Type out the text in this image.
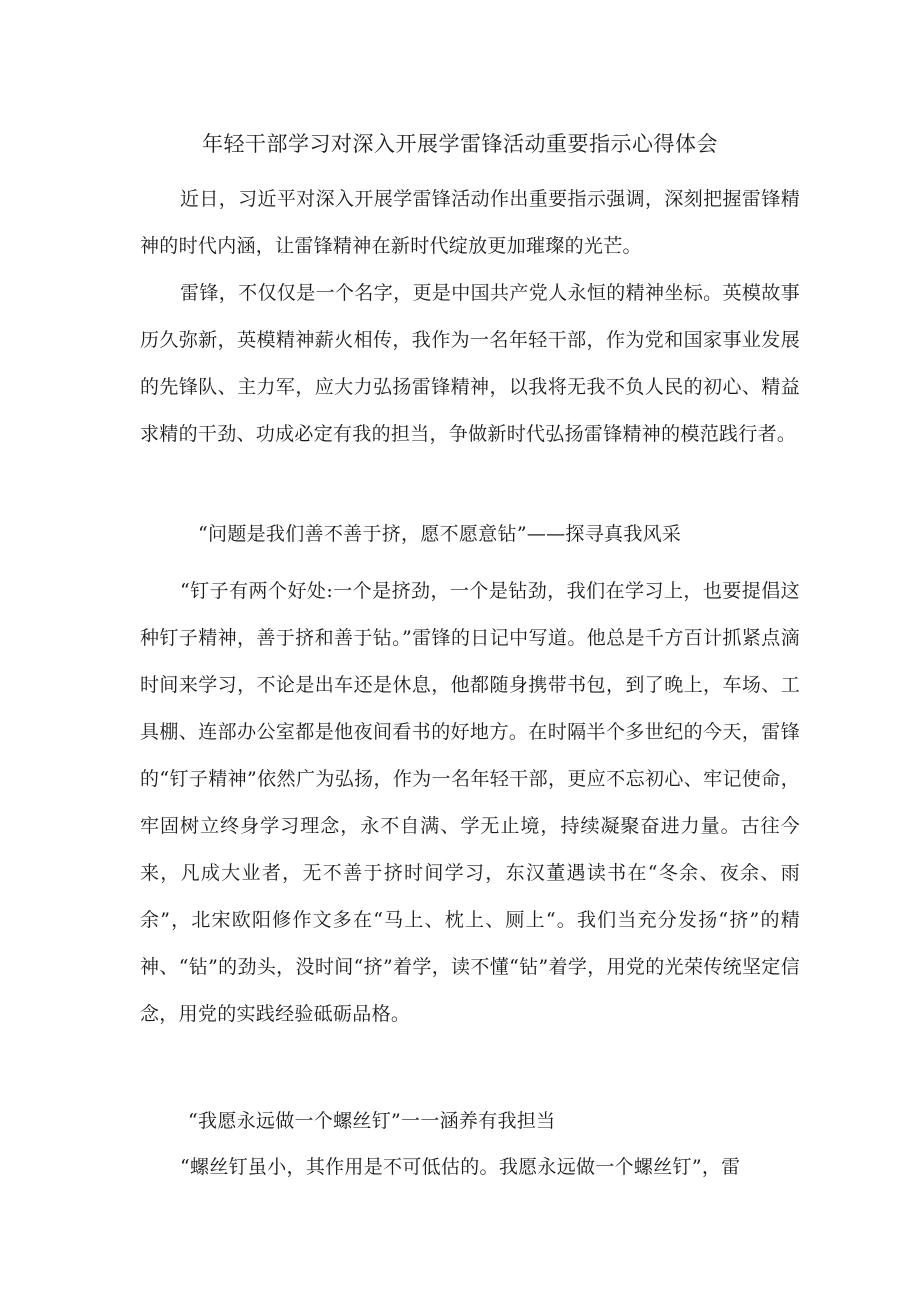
年轻干部学习对深入开展学雷锋活动重要指示心得体会

近日，习近平对深入开展学雷锋活动作出重要指示强调，深刻把握雷锋精神的时代内涵，让雷锋精神在新时代绽放更加璀璨的光芒。

雷锋，不仅仅是一个名字，更是中国共产党人永恒的精神坐标。英模故事历久弥新，英模精神薪火相传，我作为一名年轻干部，作为党和国家事业发展的先锋队、主力军，应大力弘扬雷锋精神，以我将无我不负人民的初心、精益求精的干劲、功成必定有我的担当，争做新时代弘扬雷锋精神的模范践行者。

“问题是我们善不善于挤，愿不愿意钻”——探寻真我风采

“钉子有两个好处:一个是挤劲，一个是钻劲，我们在学习上，也要提倡这种钉子精神，善于挤和善于钻。”雷锋的日记中写道。他总是千方百计抓紧点滴时间来学习，不论是出车还是休息，他都随身携带书包，到了晚上，车场、工具棚、连部办公室都是他夜间看书的好地方。在时隔半个多世纪的今天，雷锋的“钉子精神”依然广为弘扬，作为一名年轻干部，更应不忘初心、牢记使命，牢固树立终身学习理念，永不自满、学无止境，持续凝聚奋进力量。古往今来，凡成大业者，无不善于挤时间学习，东汉董遇读书在“冬余、夜余、雨余”，北宋欧阳修作文多在“马上、枕上、厕上“。我们当充分发扬“挤”的精神、“钻”的劲头，没时间“挤”着学，读不懂“钻”着学，用党的光荣传统坚定信念，用党的实践经验砥砺品格。

“我愿永远做一个螺丝钉”一一涵养有我担当

“螺丝钉虽小，其作用是不可低估的。我愿永远做一个螺丝钉”，雷
